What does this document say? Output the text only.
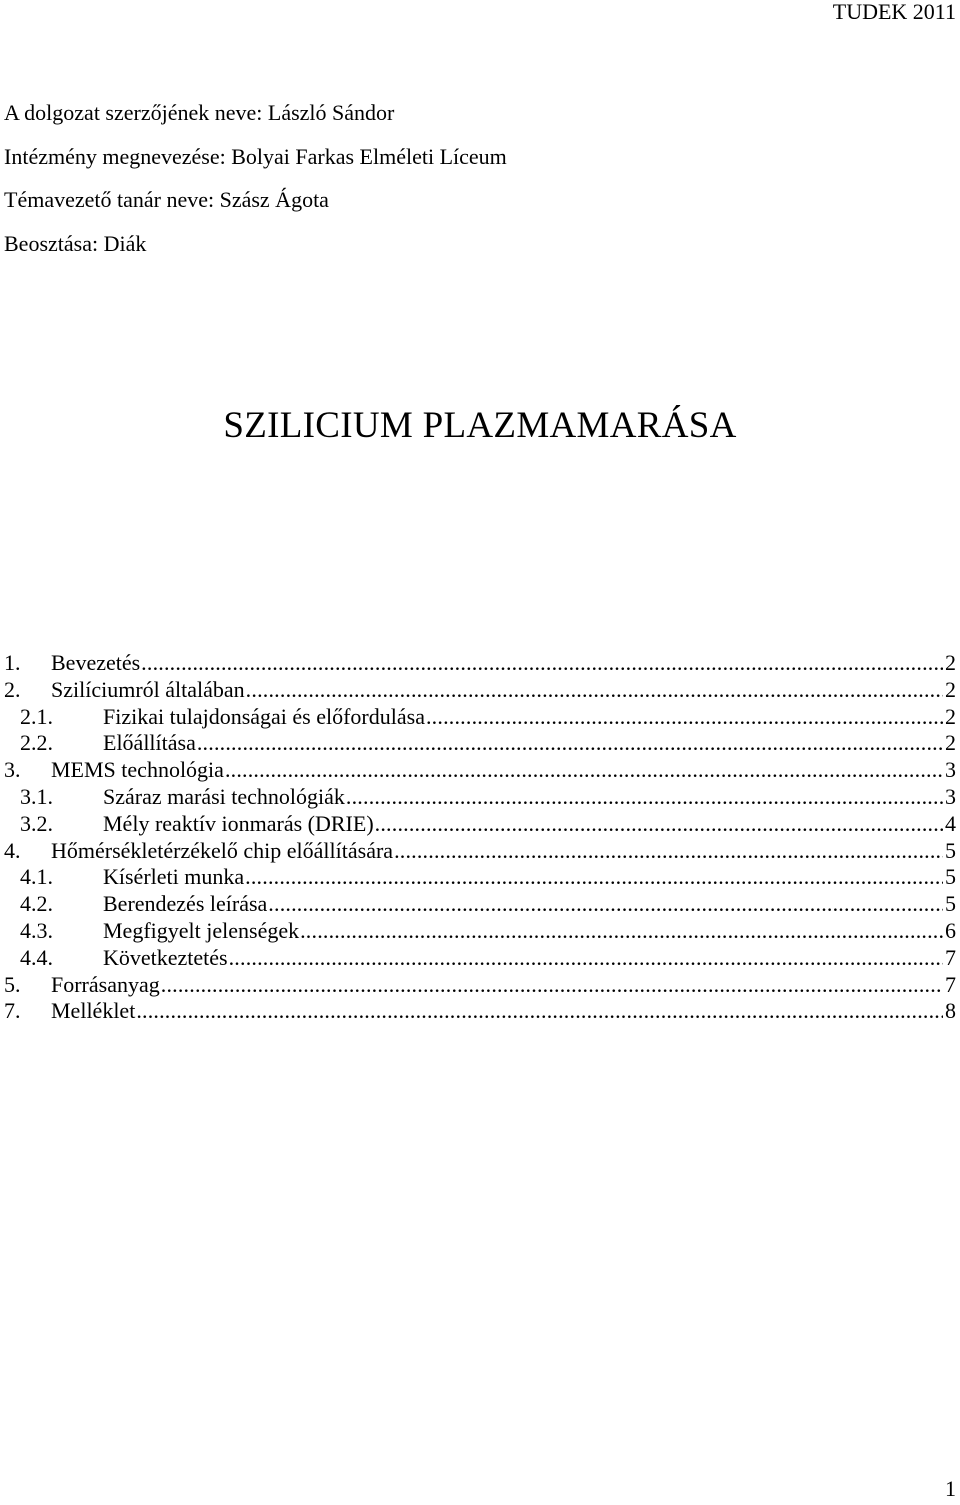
TUDEK 2011
A dolgozat szerzőjének neve: László Sándor
Intézmény megnevezése: Bolyai Farkas Elméleti Líceum
Témavezető tanár neve: Szász Ágota
Beosztása: Diák
SZILICIUM PLAZMAMARÁSA
1.	Bevezetés .....	2
2.	Szilíciumról általában .....	2
2.1.	Fizikai tulajdonságai és előfordulása .....	2
2.2.	Előállítása .....	2
3.	MEMS technológia .....	3
3.1.	Száraz marási technológiák .....	3
3.2.	Mély reaktív ionmarás (DRIE) .....	4
4.	Hőmérsékletérzékelő chip előállítására .....	5
4.1.	Kísérleti munka .....	5
4.2.	Berendezés leírása .....	5
4.3.	Megfigyelt jelenségek .....	6
4.4.	Következtetés .....	7
5.	Forrásanyag .....	7
7.	Melléklet .....	8
1
